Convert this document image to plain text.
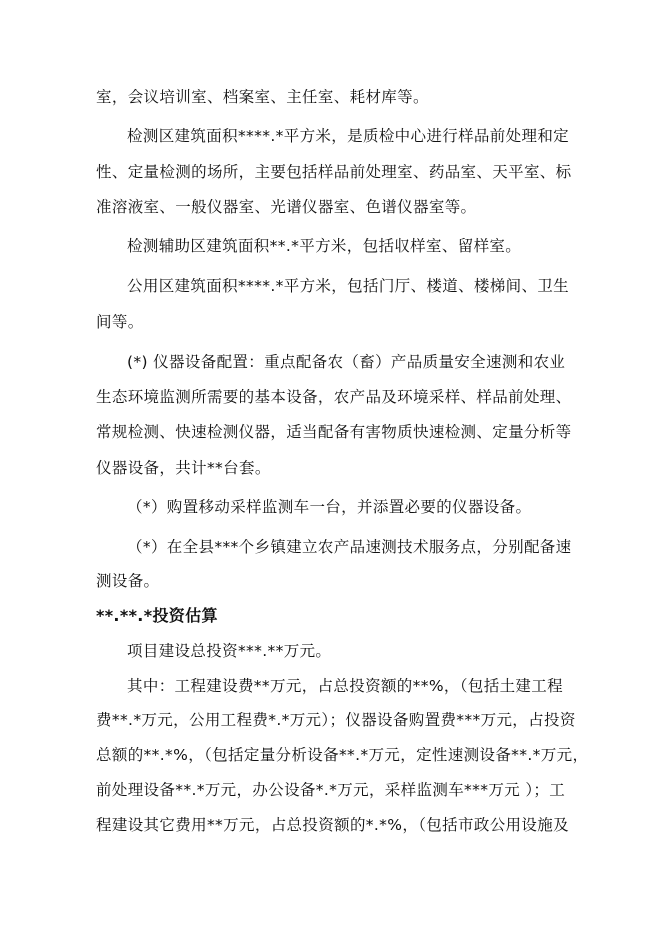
室，会议培训室、档案室、主任室、耗材库等。
检测区建筑面积****.*平方米，是质检中心进行样品前处理和定
性、定量检测的场所，主要包括样品前处理室、药品室、天平室、标
准溶液室、一般仪器室、光谱仪器室、色谱仪器室等。
检测辅助区建筑面积**.*平方米，包括収样室、留样室。
公用区建筑面积****.*平方米，包括门厅、楼道、楼梯间、卫生
间等。
(*) 仪器设备配置：重点配备农（畜）产品质量安全速测和农业
生态环境监测所需要的基本设备，农产品及环境采样、样品前处理、
常规检测、快速检测仪器，适当配备有害物质快速检测、定量分析等
仪器设备，共计**台套。
（*）购置移动采样监测车一台，并添置必要的仪器设备。
（*）在全县***个乡镇建立农产品速测技术服务点，分别配备速
测设备。
**.**.*投资估算
项目建设总投资***.**万元。
其中：工程建设费**万元，占总投资额的**%，（包括土建工程
费**.*万元，公用工程费*.*万元）；仪器设备购置费***万元，占投资
总额的**.*%，（包括定量分析设备**.*万元，定性速测设备**.*万元，
前处理设备**.*万元，办公设备*.*万元，采样监测车***万元 ）；工
程建设其它费用**万元，占总投资额的*.*%，（包括市政公用设施及
